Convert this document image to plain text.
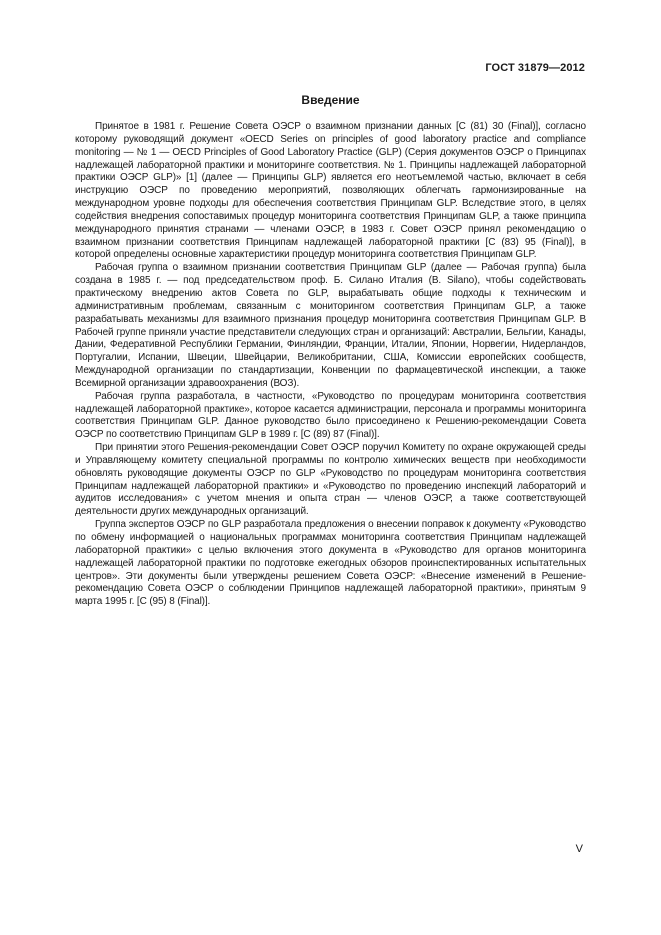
ГОСТ 31879—2012
Введение

Принятое в 1981 г. Решение Совета ОЭСР о взаимном признании данных [C (81) 30 (Final)], согласно которому руководящий документ «OECD Series on principles of good laboratory practice and compliance monitoring — № 1 — OECD Principles of Good Laboratory Practice (GLP) (Серия документов ОЭСР о Принципах надлежащей лабораторной практики и мониторинге соответствия. № 1. Принципы надлежащей лабораторной практики ОЭСР GLP)» [1] (далее — Принципы GLP) является его неотъемлемой частью, включает в себя инструкцию ОЭСР по проведению мероприятий, позволяющих облегчать гармонизированные на международном уровне подходы для обеспечения соответствия Принципам GLP. Вследствие этого, в целях содействия внедрения сопоставимых процедур мониторинга соответствия Принципам GLP, а также принципа международного принятия странами — членами ОЭСР, в 1983 г. Совет ОЭСР принял рекомендацию о взаимном признании соответствия Принципам надлежащей лабораторной практики [C (83) 95 (Final)], в которой определены основные характеристики процедур мониторинга соответствия Принципам GLP.

Рабочая группа о взаимном признании соответствия Принципам GLP (далее — Рабочая группа) была создана в 1985 г. — под председательством проф. Б. Силано Италия (B. Silano), чтобы содействовать практическому внедрению актов Совета по GLP, вырабатывать общие подходы к техническим и административным проблемам, связанным с мониторингом соответствия Принципам GLP, а также разрабатывать механизмы для взаимного признания процедур мониторинга соответствия Принципам GLP. В Рабочей группе приняли участие представители следующих стран и организаций: Австралии, Бельгии, Канады, Дании, Федеративной Республики Германии, Финляндии, Франции, Италии, Японии, Норвегии, Нидерландов, Португалии, Испании, Швеции, Швейцарии, Великобритании, США, Комиссии европейских сообществ, Международной организации по стандартизации, Конвенции по фармацевтической инспекции, а также Всемирной организации здравоохранения (ВОЗ).

Рабочая группа разработала, в частности, «Руководство по процедурам мониторинга соответствия надлежащей лабораторной практике», которое касается администрации, персонала и программы мониторинга соответствия Принципам GLP. Данное руководство было присоединено к Решению-рекомендации Совета ОЭСР по соответствию Принципам GLP в 1989 г. [C (89) 87 (Final)].

При принятии этого Решения-рекомендации Совет ОЭСР поручил Комитету по охране окружающей среды и Управляющему комитету специальной программы по контролю химических веществ при необходимости обновлять руководящие документы ОЭСР по GLP «Руководство по процедурам мониторинга соответствия Принципам надлежащей лабораторной практики» и «Руководство по проведению инспекций лабораторий и аудитов исследования» с учетом мнения и опыта стран — членов ОЭСР, а также соответствующей деятельности других международных организаций.

Группа экспертов ОЭСР по GLP разработала предложения о внесении поправок к документу «Руководство по обмену информацией о национальных программах мониторинга соответствия Принципам надлежащей лабораторной практики» с целью включения этого документа в «Руководство для органов мониторинга надлежащей лабораторной практики по подготовке ежегодных обзоров проинспектированных испытательных центров». Эти документы были утверждены решением Совета ОЭСР: «Внесение изменений в Решение-рекомендацию Совета ОЭСР о соблюдении Принципов надлежащей лабораторной практики», принятым 9 марта 1995 г. [C (95) 8 (Final)].

V
